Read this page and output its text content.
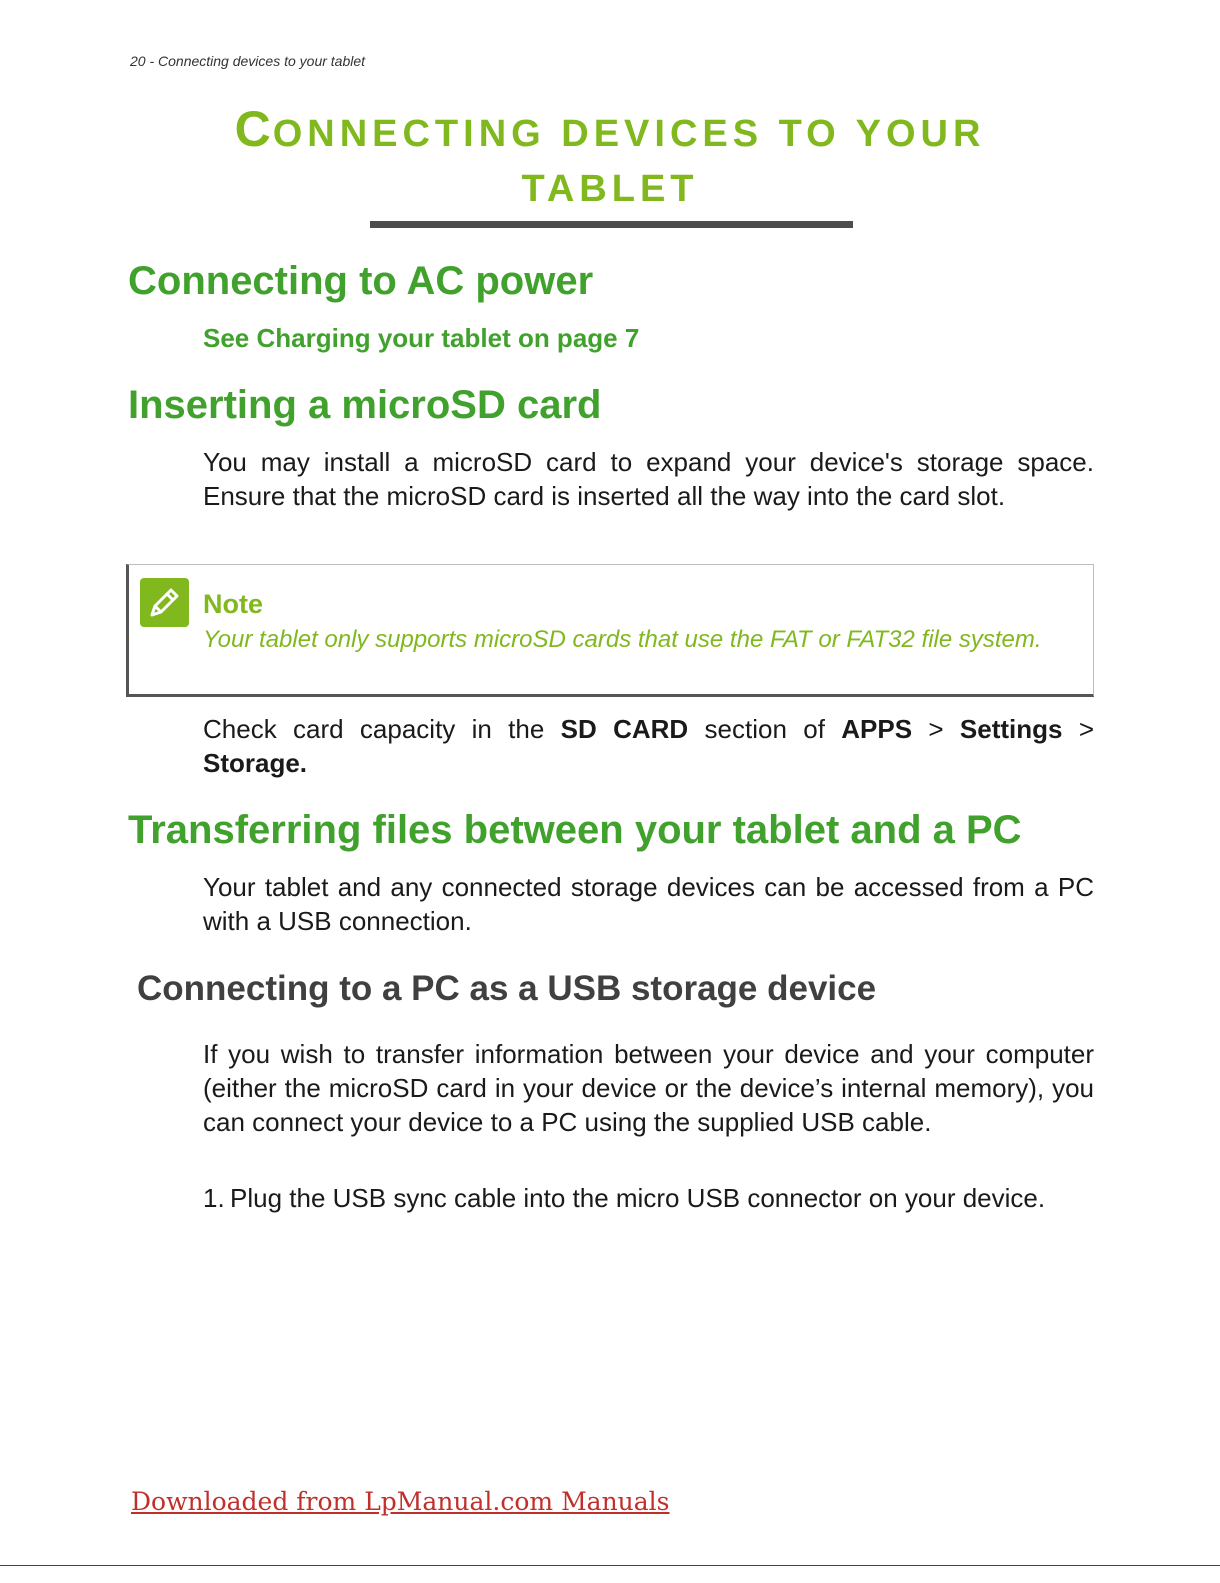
20 - Connecting devices to your tablet
CONNECTING DEVICES TO YOUR
TABLET
Connecting to AC power
See Charging your tablet on page 7
Inserting a microSD card
You may install a microSD card to expand your device's storage space. Ensure that the microSD card is inserted all the way into the card slot.
Note
Your tablet only supports microSD cards that use the FAT or FAT32 file system.
Check card capacity in the SD CARD section of APPS > Settings > Storage.
Transferring files between your tablet and a PC
Your tablet and any connected storage devices can be accessed from a PC with a USB connection.
Connecting to a PC as a USB storage device
If you wish to transfer information between your device and your computer (either the microSD card in your device or the device’s internal memory), you can connect your device to a PC using the supplied USB cable.
1. Plug the USB sync cable into the micro USB connector on your device.
Downloaded from LpManual.com Manuals
